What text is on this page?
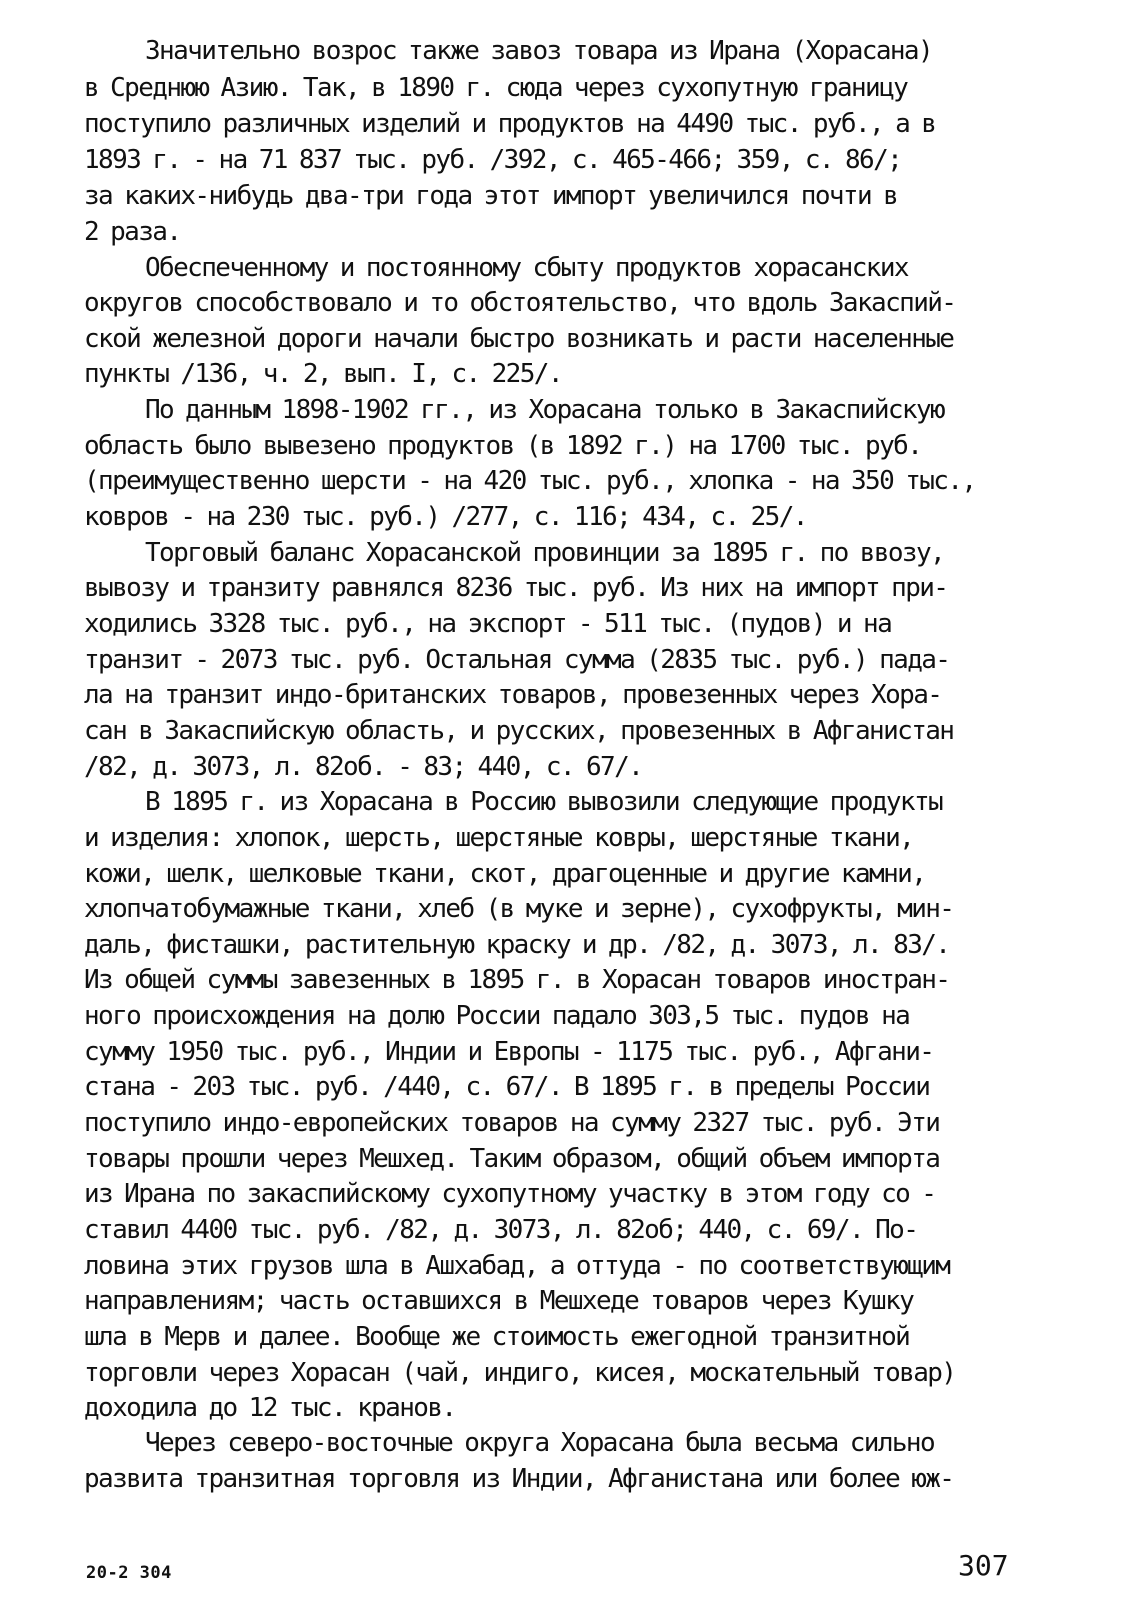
Значительно возрос также завоз товара из Ирана (Хорасана)
в Среднюю Азию. Так, в 1890 г. сюда через сухопутную границу
поступило различных изделий и продуктов на 4490 тыс. руб., а в
1893 г. - на 71 837 тыс. руб. /392, с. 465-466; 359, с. 86/;
за каких-нибудь два-три года этот импорт увеличился почти в
2 раза.
Обеспеченному и постоянному сбыту продуктов хорасанских
округов способствовало и то обстоятельство, что вдоль Закаспий-
ской железной дороги начали быстро возникать и расти населенные
пункты /136, ч. 2, вып. I, с. 225/.
По данным 1898-1902 гг., из Хорасана только в Закаспийскую
область было вывезено продуктов (в 1892 г.) на 1700 тыс. руб.
(преимущественно шерсти - на 420 тыс. руб., хлопка - на 350 тыс.,
ковров - на 230 тыс. руб.) /277, с. 116; 434, с. 25/.
Торговый баланс Хорасанской провинции за 1895 г. по ввозу,
вывозу и транзиту равнялся 8236 тыс. руб. Из них на импорт при-
ходились 3328 тыс. руб., на экспорт - 511 тыс. (пудов) и на
транзит - 2073 тыс. руб. Остальная сумма (2835 тыс. руб.) пада-
ла на транзит индо-британских товаров, провезенных через Хора-
сан в Закаспийскую область, и русских, провезенных в Афганистан
/82, д. 3073, л. 82об. - 83; 440, с. 67/.
В 1895 г. из Хорасана в Россию вывозили следующие продукты
и изделия: хлопок, шерсть, шерстяные ковры, шерстяные ткани,
кожи, шелк, шелковые ткани, скот, драгоценные и другие камни,
хлопчатобумажные ткани, хлеб (в муке и зерне), сухофрукты, мин-
даль, фисташки, растительную краску и др. /82, д. 3073, л. 83/.
Из общей суммы завезенных в 1895 г. в Хорасан товаров иностран-
ного происхождения на долю России падало 303,5 тыс. пудов на
сумму 1950 тыс. руб., Индии и Европы - 1175 тыс. руб., Афгани-
стана - 203 тыс. руб. /440, с. 67/. В 1895 г. в пределы России
поступило индо-европейских товаров на сумму 2327 тыс. руб. Эти
товары прошли через Мешхед. Таким образом, общий объем импорта
из Ирана по закаспийскому сухопутному участку в этом году со -
ставил 4400 тыс. руб. /82, д. 3073, л. 82об; 440, с. 69/. По-
ловина этих грузов шла в Ашхабад, а оттуда - по соответствующим
направлениям; часть оставшихся в Мешхеде товаров через Кушку
шла в Мерв и далее. Вообще же стоимость ежегодной транзитной
торговли через Хорасан (чай, индиго, кисея, москательный товар)
доходила до 12 тыс. кранов.
Через северо-восточные округа Хорасана была весьма сильно
развита транзитная торговля из Индии, Афганистана или более юж-
20-2 304	307
